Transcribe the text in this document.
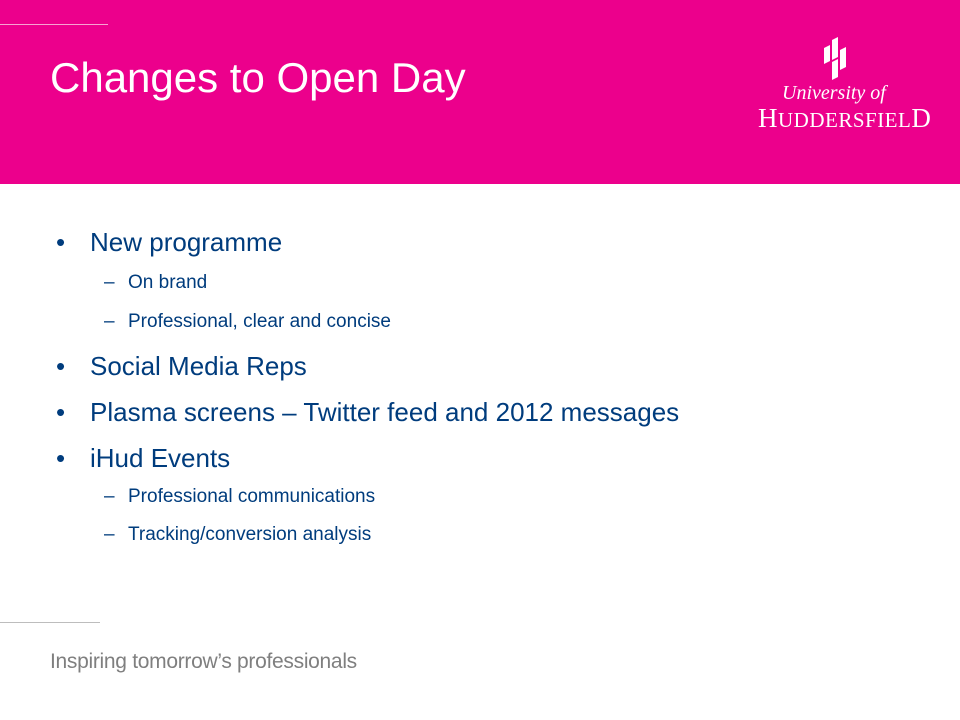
Changes to Open Day	University of
HUDDERSFIELD
• New programme
– On brand
– Professional, clear and concise
• Social Media Reps
• Plasma screens – Twitter feed and 2012 messages
• iHud Events
– Professional communications
– Tracking/conversion analysis
Inspiring tomorrow’s professionals
